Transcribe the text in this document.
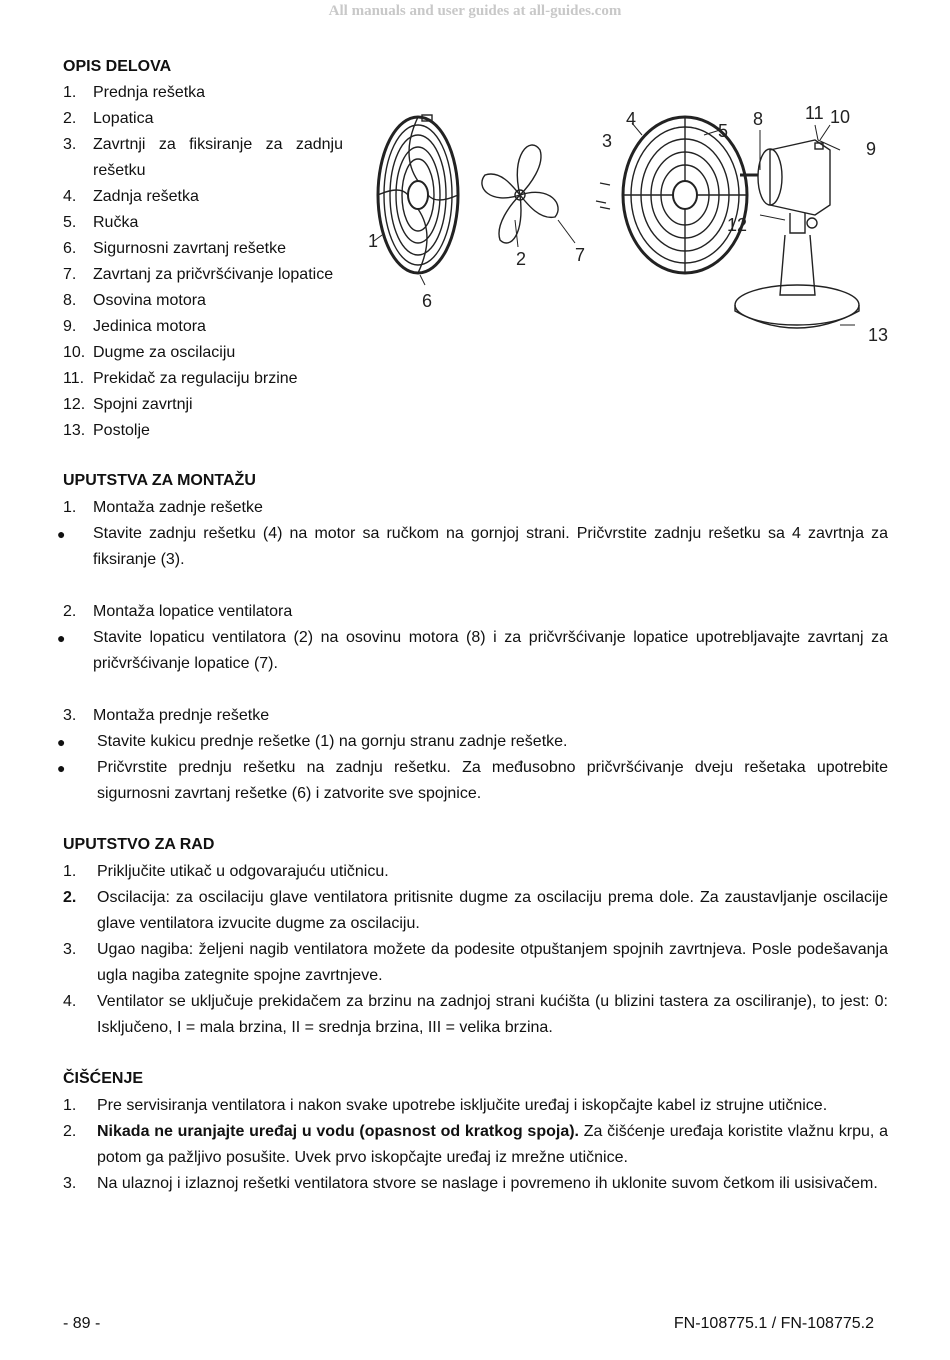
All manuals and user guides at all-guides.com
OPIS DELOVA
1. Prednja rešetka
2. Lopatica
3. Zavrtnji za fiksiranje za zadnju rešetku
4. Zadnja rešetka
5. Ručka
6. Sigurnosni zavrtanj rešetke
7. Zavrtanj za pričvršćivanje lopatice
8. Osovina motora
9. Jedinica motora
10. Dugme za oscilaciju
11. Prekidač za regulaciju brzine
12. Spojni zavrtnji
13. Postolje
1
2
3
4
5
6
7
8
9
10
11
12
13
UPUTSTVA ZA MONTAŽU
1. Montaža zadnje rešetke
● Stavite zadnju rešetku (4) na motor sa ručkom na gornjoj strani. Pričvrstite zadnju rešetku sa 4 zavrtnja za fiksiranje (3).
2. Montaža lopatice ventilatora
● Stavite lopaticu ventilatora (2) na osovinu motora (8) i za pričvršćivanje lopatice upotrebljavajte zavrtanj za pričvršćivanje lopatice (7).
3. Montaža prednje rešetke
● Stavite kukicu prednje rešetke (1) na gornju stranu zadnje rešetke.
● Pričvrstite prednju rešetku na zadnju rešetku. Za međusobno pričvršćivanje dveju rešetaka upotrebite sigurnosni zavrtanj rešetke (6) i zatvorite sve spojnice.
UPUTSTVO ZA RAD
1. Priključite utikač u odgovarajuću utičnicu.
2. Oscilacija: za oscilaciju glave ventilatora pritisnite dugme za oscilaciju prema dole. Za zaustavljanje oscilacije glave ventilatora izvucite dugme za oscilaciju.
3. Ugao nagiba: željeni nagib ventilatora možete da podesite otpuštanjem spojnih zavrtnjeva. Posle podešavanja ugla nagiba zategnite spojne zavrtnjeve.
4. Ventilator se uključuje prekidačem za brzinu na zadnjoj strani kućišta (u blizini tastera za osciliranje), to jest: 0: Isključeno, I = mala brzina, II = srednja brzina, III = velika brzina.
ČIŠĆENJE
1. Pre servisiranja ventilatora i nakon svake upotrebe isključite uređaj i iskopčajte kabel iz strujne utičnice.
2. Nikada ne uranjajte uređaj u vodu (opasnost od kratkog spoja). Za čišćenje uređaja koristite vlažnu krpu, a potom ga pažljivo posušite. Uvek prvo iskopčajte uređaj iz mrežne utičnice.
3. Na ulaznoj i izlaznoj rešetki ventilatora stvore se naslage i povremeno ih uklonite suvom četkom ili usisivačem.
- 89 -	FN-108775.1 / FN-108775.2
